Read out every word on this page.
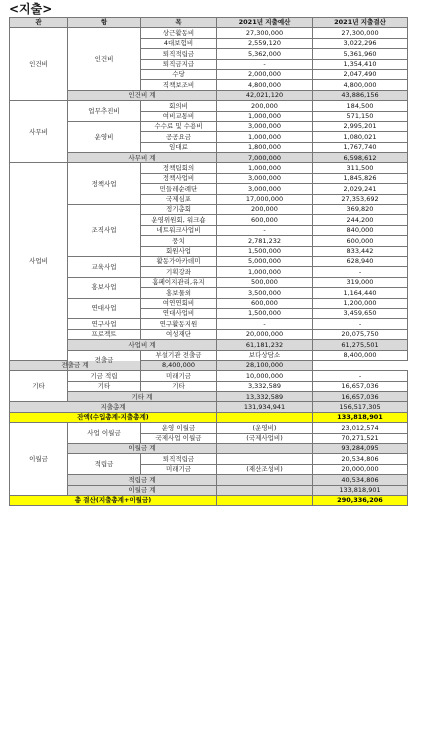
<지출>
관	항	목	2021년 지출예산	2021년 지출결산	
인건비	인건비	상근활동비	27,300,000	27,300,000	
		4대보험비	2,559,120	3,022,296	
		퇴직적립금	5,362,000	5,361,960	
		퇴직금지급	-	1,354,410	
		수당	2,000,000	2,047,490	
		직책보조비	4,800,000	4,800,000	
	인건비 계		42,021,120	43,886,156	
사무비	업무추진비	회의비	200,000	184,500	
		여비교통비	1,000,000	571,150	
	운영비	수수료 및 수용비	3,000,000	2,995,201	
		공공요금	1,000,000	1,080,021	
		임대료	1,800,000	1,767,740	
	사무비 계		7,000,000	6,598,612	
사업비	정책사업	정책팀회의	1,000,000	311,500	
		정책사업비	3,000,000	1,845,826	
		민들레순례단	3,000,000	2,029,241	
		국제심포	17,000,000	27,353,692	
	조직사업	정기총회	200,000	369,820	
		운영위원회, 워크숍	600,000	244,200	
		네트워크사업비	-	840,000	
		뭉치	2,781,232	600,000	
		회원사업	1,500,000	833,442	
	교육사업	활동가아카데미	5,000,000	628,940	
		기획강좌	1,000,000	-	
	홍보사업	홈페이지관리,유지	500,000	319,000	
		홍보물외	3,500,000	1,164,440	
	연대사업	여연연회비	600,000	1,200,000	
		연대사업비	1,500,000	3,459,650	
	연구사업	연구활동지원	-	-	
	프로젝트	여성재단	20,000,000	20,075,750	
	사업비 계		61,181,232	61,275,501	
	전출금	부설기관 전출금	보다상담소	8,400,000	
전출금 계		8,400,000	28,100,000		
기타	기금 적립	미래기금	10,000,000	-	
	기타	기타	3,332,589	16,657,036	
	기타 계		13,332,589	16,657,036	
지출총계			131,934,941	156,517,305	
잔액(수입총계-지출총계)				133,818,901	
이월금	사업 이월금	운영 이월금	(운영비)	23,012,574	
		국제사업 이월금	(국제사업비)	70,271,521	
	이월금 계			93,284,095	
	적립금	퇴직적립금		20,534,806	
		미래기금	(재산조성비)	20,000,000	
	적립금 계			40,534,806	
	이월금 계			133,818,901	
총 결산(지출총계+이월금)				290,336,206	
